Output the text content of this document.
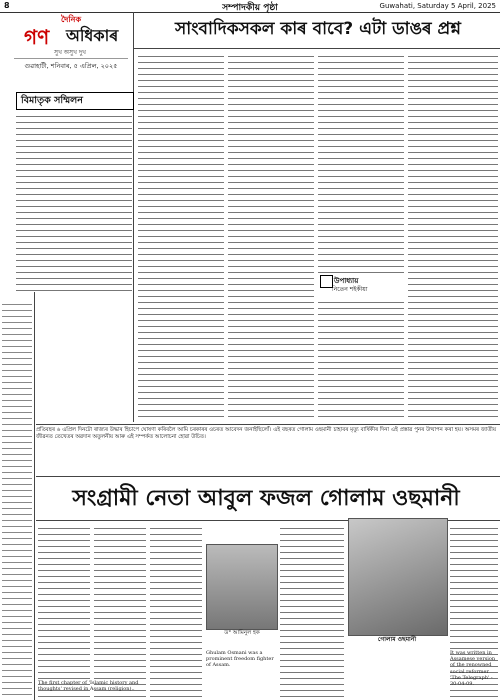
8	সম্পাদকীয় পৃষ্ঠা	Guwahati, Saturday 5 April, 2025
দৈনিক
গণ অধিকাৰ
সুখ অসুখ দুখ
গুৱাহাটী, শনিবাৰ, ৫ এপ্ৰিল, ২০২৫
বিমাতৃক সম্মিলন
সাংবাদিকসকল কাৰ বাবে? এটা ডাঙৰ প্ৰশ্ন
উপাধ্যায়
নিতেন শইকীয়া
প্ৰতিবছৰ ৬ এপ্ৰিল দিনটো ৰাজ্যৰ উদ্ধাৰ হিচাপে ঘোষণা কৰিবলৈ আমি চৰকাৰৰ ওচৰত আবেদন জনাইছিলোঁ। এই বছৰত গোলাম ওছমানী চাহাবৰ মৃত্যু বাৰ্ষিকীৰ দিনা এই প্ৰস্তাৱ পুনৰ উত্থাপন কৰা হয়। অসমৰ জাতীয় জীৱনত তেখেতৰ অৱদান অতুলনীয় আৰু এই সম্পৰ্কত আলোচনা হোৱা উচিত।
সংগ্ৰামী নেতা আবুল ফজল গোলাম ওছমানী
The first chapter of 'Islamic history and thoughts' revised in Assam (religion)..
Ghulam Osmani was a prominent freedom fighter of Assam.
It was written in Assamese version of the renowned social reformer 'The Telegraph' - 30-04-09.
ড° আমিনুল হক
গোলাম ওছমানী
